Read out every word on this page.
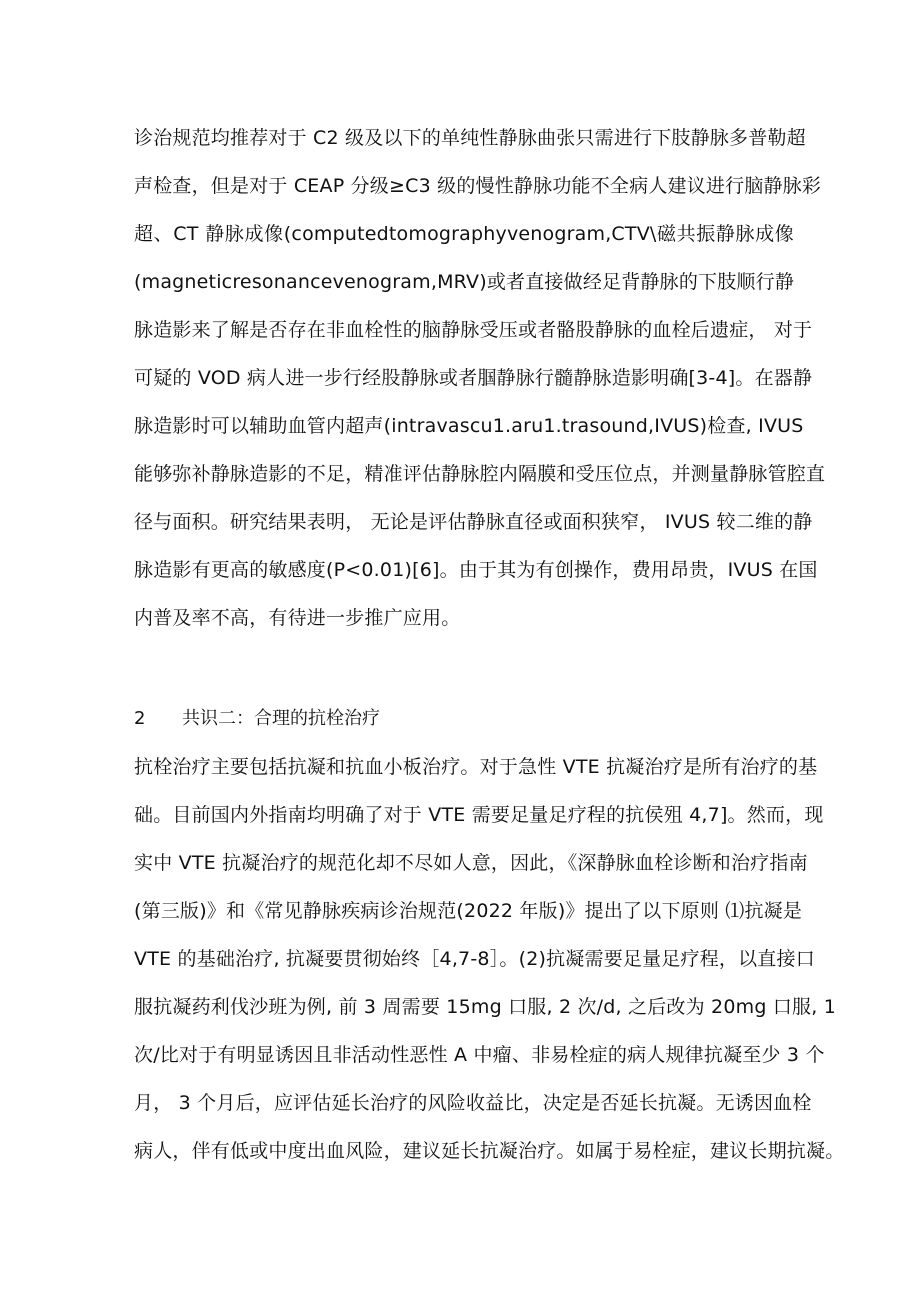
诊治规范均推荐对于 C2 级及以下的单纯性静脉曲张只需进行下肢静脉多普勒超
声检查，但是对于 CEAP 分级≥C3 级的慢性静脉功能不全病人建议进行脑静脉彩
超、CT 静脉成像(computedtomographyvenogram,CTV\磁共振静脉成像
(magneticresonancevenogram,MRV)或者直接做经足背静脉的下肢顺行静
脉造影来了解是否存在非血栓性的脑静脉受压或者骼股静脉的血栓后遗症， 对于
可疑的 VOD 病人进一步行经股静脉或者腘静脉行髓静脉造影明确[3-4]。在器静
脉造影时可以辅助血管内超声(intravascu1.aru1.trasound,IVUS)检查, IVUS
能够弥补静脉造影的不足，精准评估静脉腔内隔膜和受压位点，并测量静脉管腔直
径与面积。研究结果表明， 无论是评估静脉直径或面积狭窄， IVUS 较二维的静
脉造影有更高的敏感度(P<0.01)[6]。由于其为有创操作，费用昂贵，IVUS 在国
内普及率不高，有待进一步推广应用。
2 共识二：合理的抗栓治疗
抗栓治疗主要包括抗凝和抗血小板治疗。对于急性 VTE 抗凝治疗是所有治疗的基
础。目前国内外指南均明确了对于 VTE 需要足量足疗程的抗侯殂 4,7]。然而，现
实中 VTE 抗凝治疗的规范化却不尽如人意，因此，《深静脉血栓诊断和治疗指南
(第三版)》和《常见静脉疾病诊治规范(2022 年版)》提出了以下原则 ⑴抗凝是
VTE 的基础治疗, 抗凝要贯彻始终［4,7-8］。(2)抗凝需要足量足疗程，以直接口
服抗凝药利伐沙班为例, 前 3 周需要 15mg 口服, 2 次/d, 之后改为 20mg 口服, 1
次/比对于有明显诱因且非活动性恶性 A 中瘤、非易栓症的病人规律抗凝至少 3 个
月， 3 个月后，应评估延长治疗的风险收益比，决定是否延长抗凝。无诱因血栓
病人，伴有低或中度出血风险，建议延长抗凝治疗。如属于易栓症，建议长期抗凝。
